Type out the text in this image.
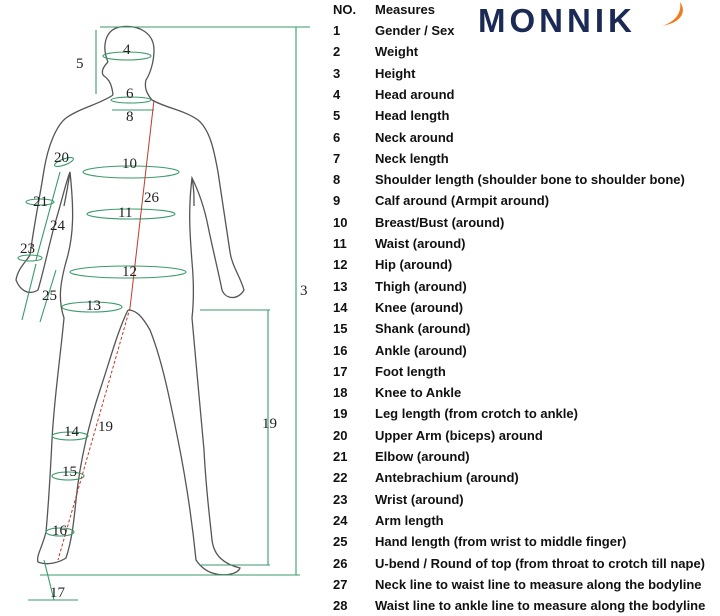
3
4
5
6
8
10
11
12
13
14
15
16
17
19
19
20
21
23
24
25
26
MONNIK
NO. Measures
1	Gender / Sex
2	Weight
3	Height
4	Head around
5	Head length
6	Neck around
7	Neck length
8	Shoulder length (shoulder bone to shoulder bone)
9	Calf around (Armpit around)
10 Breast/Bust (around)
11 Waist (around)
12 Hip (around)
13 Thigh (around)
14 Knee (around)
15 Shank (around)
16 Ankle (around)
17 Foot length
18 Knee to Ankle
19 Leg length (from crotch to ankle)
20 Upper Arm (biceps) around
21 Elbow (around)
22 Antebrachium (around)
23 Wrist (around)
24 Arm length
25 Hand length (from wrist to middle finger)
26 U-bend / Round of top (from throat to crotch till nape)
27 Neck line to waist line to measure along the bodyline
28 Waist line to ankle line to measure along the bodyline
